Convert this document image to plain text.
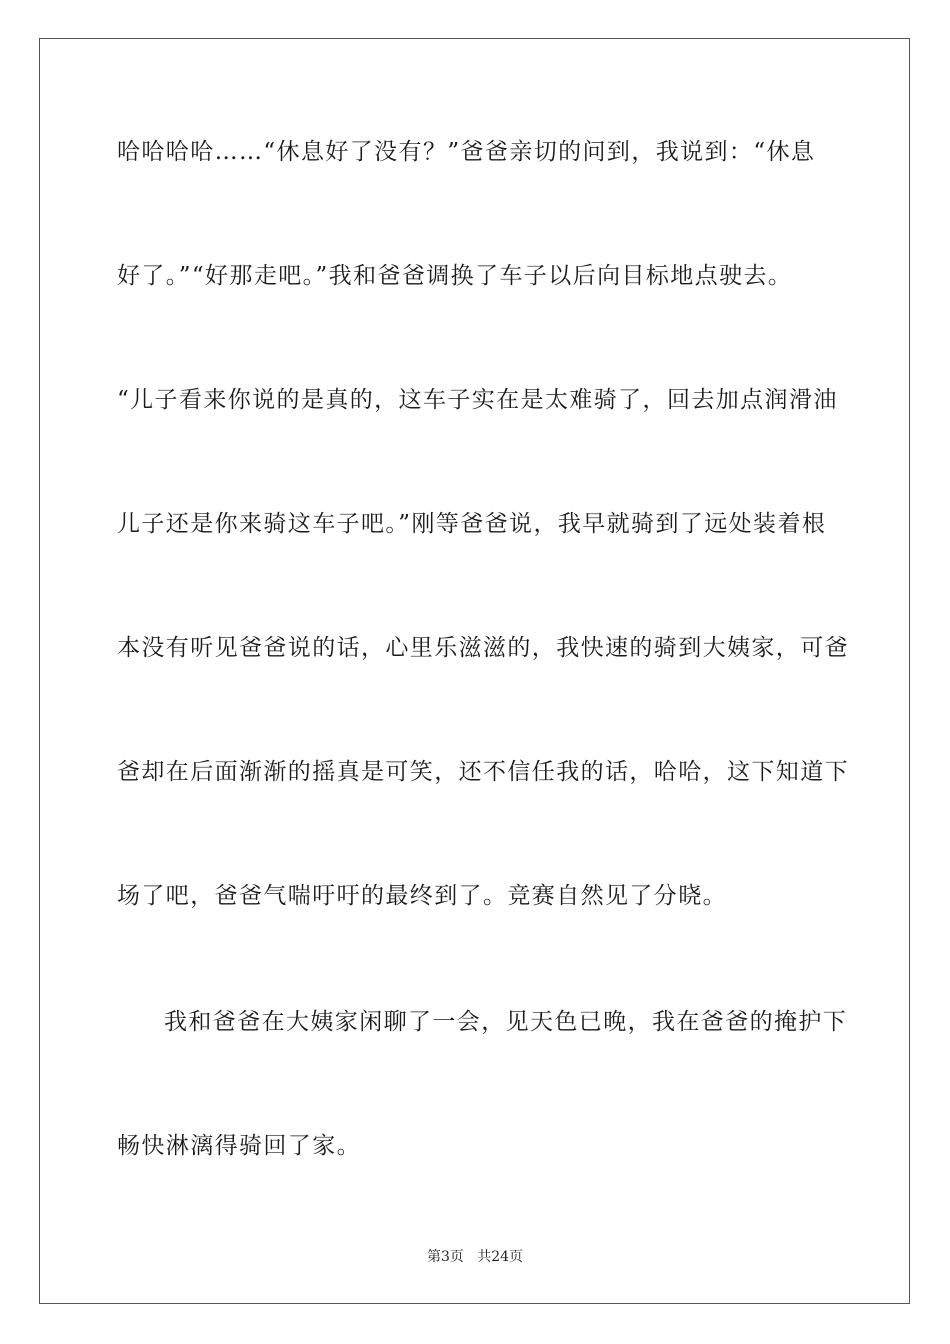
哈哈哈哈……“休息好了没有？”爸爸亲切的问到，我说到：“休息
好了。”“好那走吧。”我和爸爸调换了车子以后向目标地点驶去。
“儿子看来你说的是真的，这车子实在是太难骑了，回去加点润滑油
儿子还是你来骑这车子吧。”刚等爸爸说，我早就骑到了远处装着根
本没有听见爸爸说的话，心里乐滋滋的，我快速的骑到大姨家，可爸
爸却在后面渐渐的摇真是可笑，还不信任我的话，哈哈，这下知道下
场了吧，爸爸气喘吁吁的最终到了。竞赛自然见了分晓。
我和爸爸在大姨家闲聊了一会，见天色已晚，我在爸爸的掩护下
畅快淋漓得骑回了家。
第3页   共24页
